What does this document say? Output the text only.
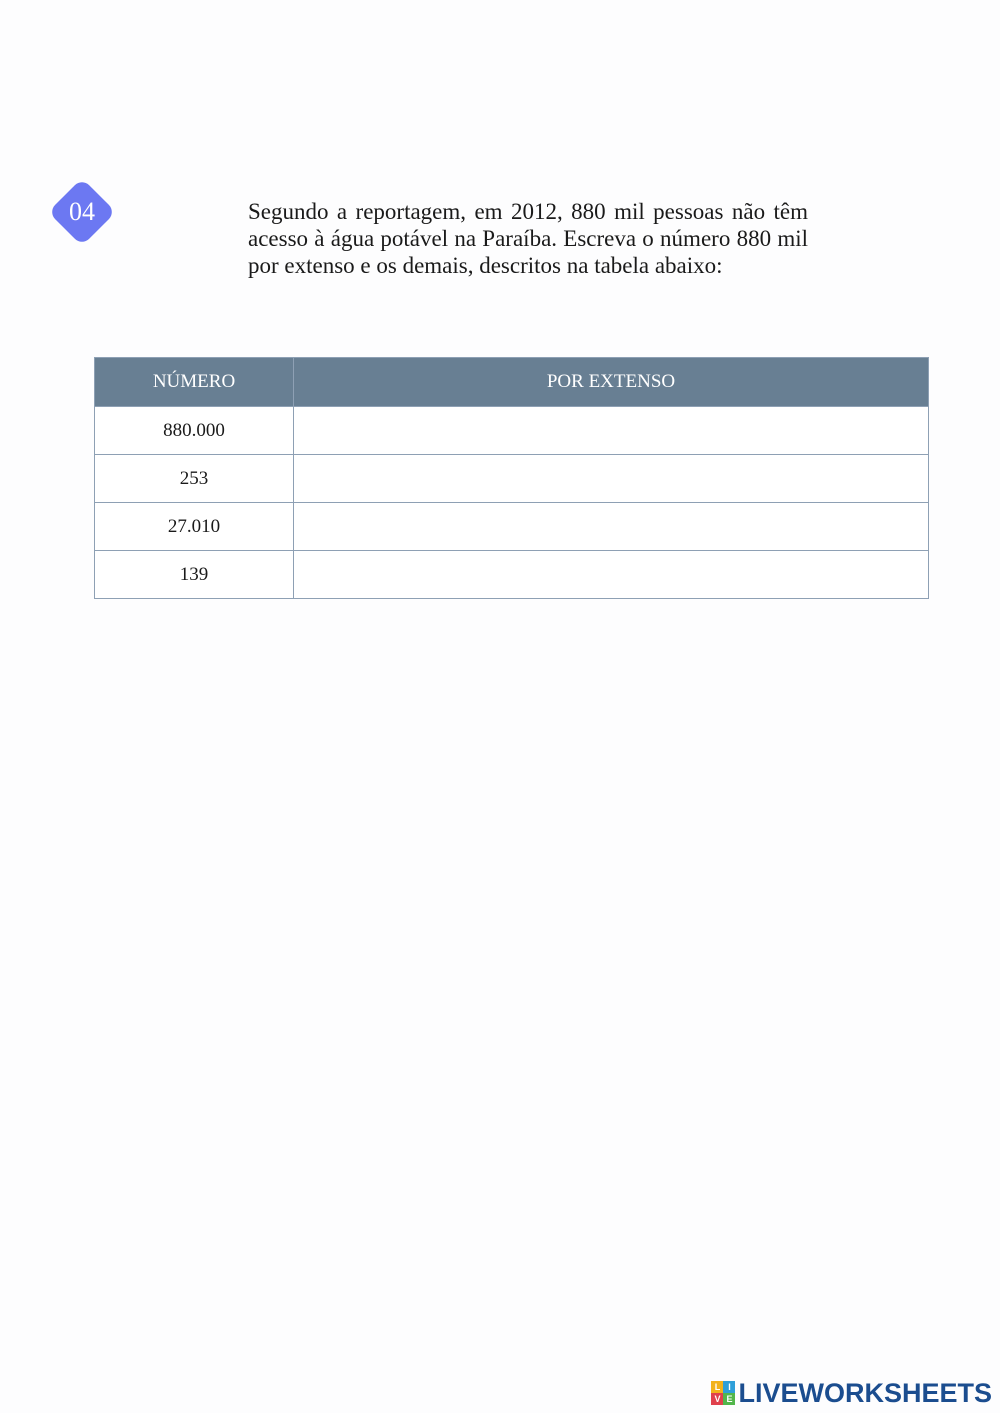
04	Segundo a reportagem, em 2012, 880 mil pessoas não têm acesso à água potável na Paraíba. Escreva o número 880 mil por extenso e os demais, descritos na tabela abaixo:

NÚMERO	POR EXTENSO
880.000	
253	
27.010	
139	
L I
V E LIVEWORKSHEETS
